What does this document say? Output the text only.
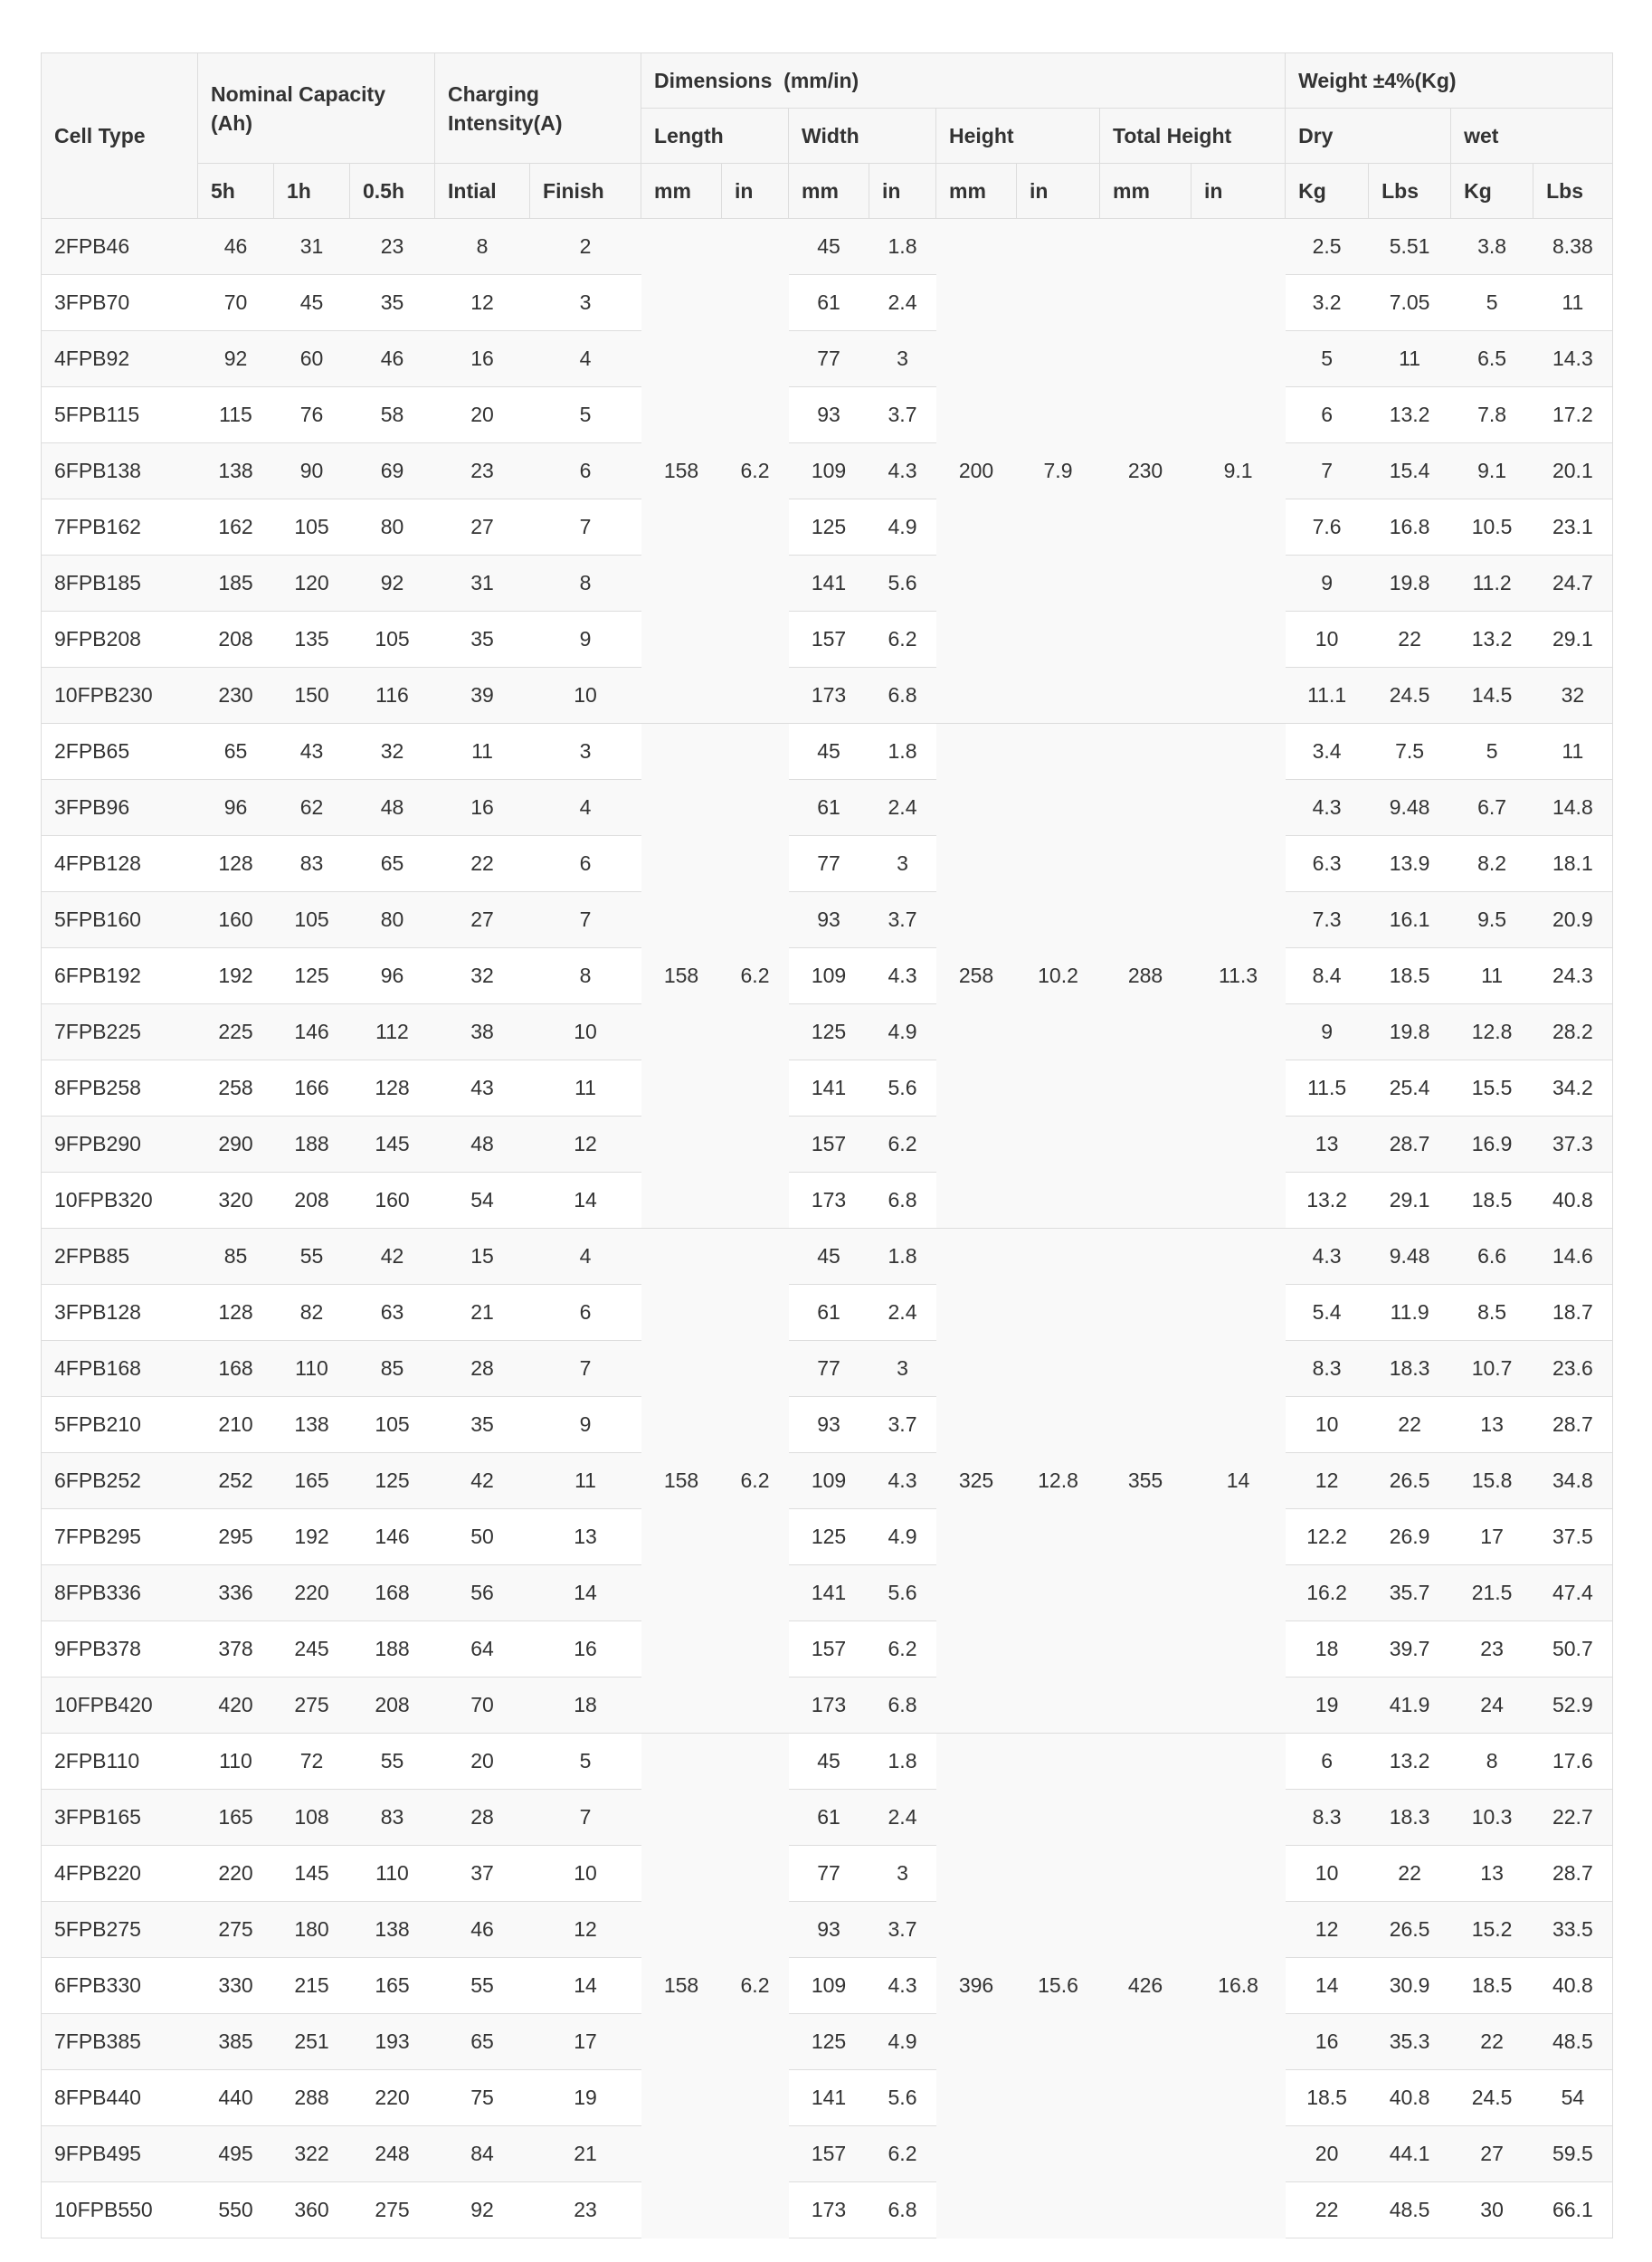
Cell Type	Nominal Capacity (Ah)			Charging Intensity(A)		Dimensions  (mm/in)								Weight ±4%(Kg)			
						Length		Width		Height		Total Height		Dry		wet	
	5h	1h	0.5h	Intial	Finish	mm	in	mm	in	mm	in	mm	in	Kg	Lbs	Kg	Lbs
2FPB46	46	31	23	8	2	158	6.2	45	1.8	200	7.9	230	9.1	2.5	5.51	3.8	8.38
3FPB70	70	45	35	12	3			61	2.4					3.2	7.05	5	11
4FPB92	92	60	46	16	4			77	3					5	11	6.5	14.3
5FPB115	115	76	58	20	5			93	3.7					6	13.2	7.8	17.2
6FPB138	138	90	69	23	6			109	4.3					7	15.4	9.1	20.1
7FPB162	162	105	80	27	7			125	4.9					7.6	16.8	10.5	23.1
8FPB185	185	120	92	31	8			141	5.6					9	19.8	11.2	24.7
9FPB208	208	135	105	35	9			157	6.2					10	22	13.2	29.1
10FPB230	230	150	116	39	10			173	6.8					11.1	24.5	14.5	32
2FPB65	65	43	32	11	3	158	6.2	45	1.8	258	10.2	288	11.3	3.4	7.5	5	11
3FPB96	96	62	48	16	4			61	2.4					4.3	9.48	6.7	14.8
4FPB128	128	83	65	22	6			77	3					6.3	13.9	8.2	18.1
5FPB160	160	105	80	27	7			93	3.7					7.3	16.1	9.5	20.9
6FPB192	192	125	96	32	8			109	4.3					8.4	18.5	11	24.3
7FPB225	225	146	112	38	10			125	4.9					9	19.8	12.8	28.2
8FPB258	258	166	128	43	11			141	5.6					11.5	25.4	15.5	34.2
9FPB290	290	188	145	48	12			157	6.2					13	28.7	16.9	37.3
10FPB320	320	208	160	54	14			173	6.8					13.2	29.1	18.5	40.8
2FPB85	85	55	42	15	4	158	6.2	45	1.8	325	12.8	355	14	4.3	9.48	6.6	14.6
3FPB128	128	82	63	21	6			61	2.4					5.4	11.9	8.5	18.7
4FPB168	168	110	85	28	7			77	3					8.3	18.3	10.7	23.6
5FPB210	210	138	105	35	9			93	3.7					10	22	13	28.7
6FPB252	252	165	125	42	11			109	4.3					12	26.5	15.8	34.8
7FPB295	295	192	146	50	13			125	4.9					12.2	26.9	17	37.5
8FPB336	336	220	168	56	14			141	5.6					16.2	35.7	21.5	47.4
9FPB378	378	245	188	64	16			157	6.2					18	39.7	23	50.7
10FPB420	420	275	208	70	18			173	6.8					19	41.9	24	52.9
2FPB110	110	72	55	20	5	158	6.2	45	1.8	396	15.6	426	16.8	6	13.2	8	17.6
3FPB165	165	108	83	28	7			61	2.4					8.3	18.3	10.3	22.7
4FPB220	220	145	110	37	10			77	3					10	22	13	28.7
5FPB275	275	180	138	46	12			93	3.7					12	26.5	15.2	33.5
6FPB330	330	215	165	55	14			109	4.3					14	30.9	18.5	40.8
7FPB385	385	251	193	65	17			125	4.9					16	35.3	22	48.5
8FPB440	440	288	220	75	19			141	5.6					18.5	40.8	24.5	54
9FPB495	495	322	248	84	21			157	6.2					20	44.1	27	59.5
10FPB550	550	360	275	92	23			173	6.8					22	48.5	30	66.1
